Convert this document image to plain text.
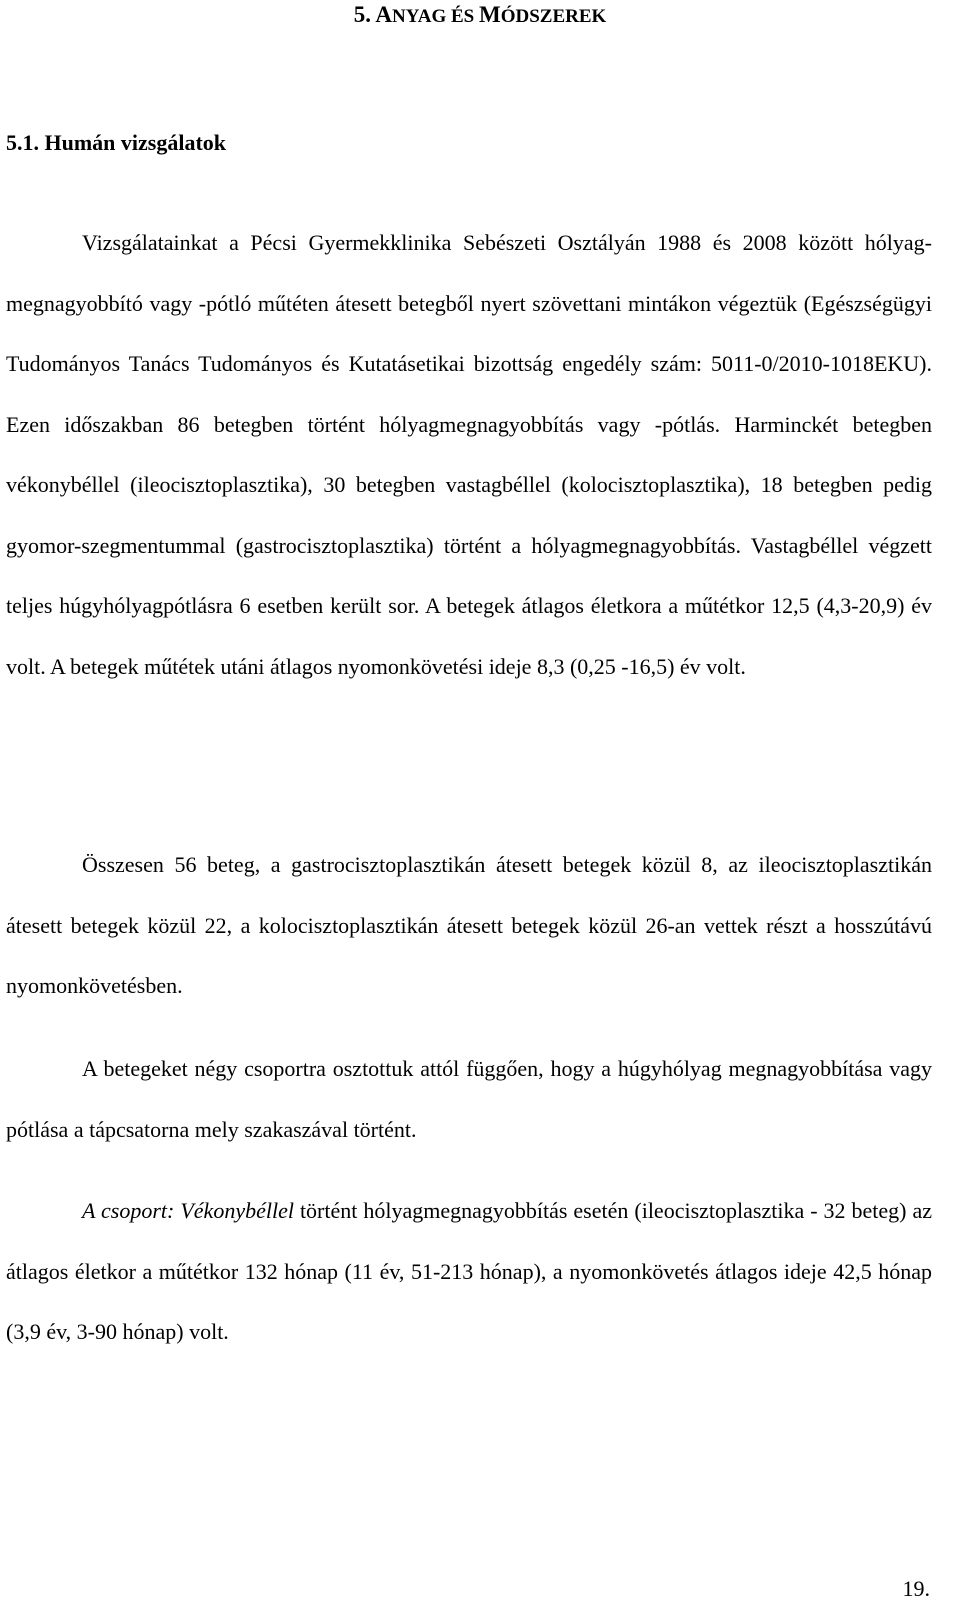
5. ANYAG ÉS MÓDSZEREK
5.1. Humán vizsgálatok

Vizsgálatainkat a Pécsi Gyermekklinika Sebészeti Osztályán 1988 és 2008 között hólyag-megnagyobbító vagy -pótló műtéten átesett betegből nyert szövettani mintákon végeztük (Egészségügyi Tudományos Tanács Tudományos és Kutatásetikai bizottság engedély szám: 5011-0/2010-1018EKU). Ezen időszakban 86 betegben történt hólyagmegnagyobbítás vagy -pótlás. Harminckét betegben vékonybéllel (ileocisztoplasztika), 30 betegben vastagbéllel (kolocisztoplasztika), 18 betegben pedig gyomor-szegmentummal (gastrocisztoplasztika) történt a hólyagmegnagyobbítás. Vastagbéllel végzett teljes húgyhólyagpótlásra 6 esetben került sor. A betegek átlagos életkora a műtétkor 12,5 (4,3-20,9) év volt. A betegek műtétek utáni átlagos nyomonkövetési ideje 8,3 (0,25 -16,5) év volt.

Összesen 56 beteg, a gastrocisztoplasztikán átesett betegek közül 8, az ileocisztoplasztikán átesett betegek közül 22, a kolocisztoplasztikán átesett betegek közül 26-an vettek részt a hosszútávú nyomonkövetésben.

A betegeket négy csoportra osztottuk attól függően, hogy a húgyhólyag megnagyobbítása vagy pótlása a tápcsatorna mely szakaszával történt.

A csoport: Vékonybéllel történt hólyagmegnagyobbítás esetén (ileocisztoplasztika - 32 beteg) az átlagos életkor a műtétkor 132 hónap (11 év, 51-213 hónap), a nyomonkövetés átlagos ideje 42,5 hónap (3,9 év, 3-90 hónap) volt.

19.
